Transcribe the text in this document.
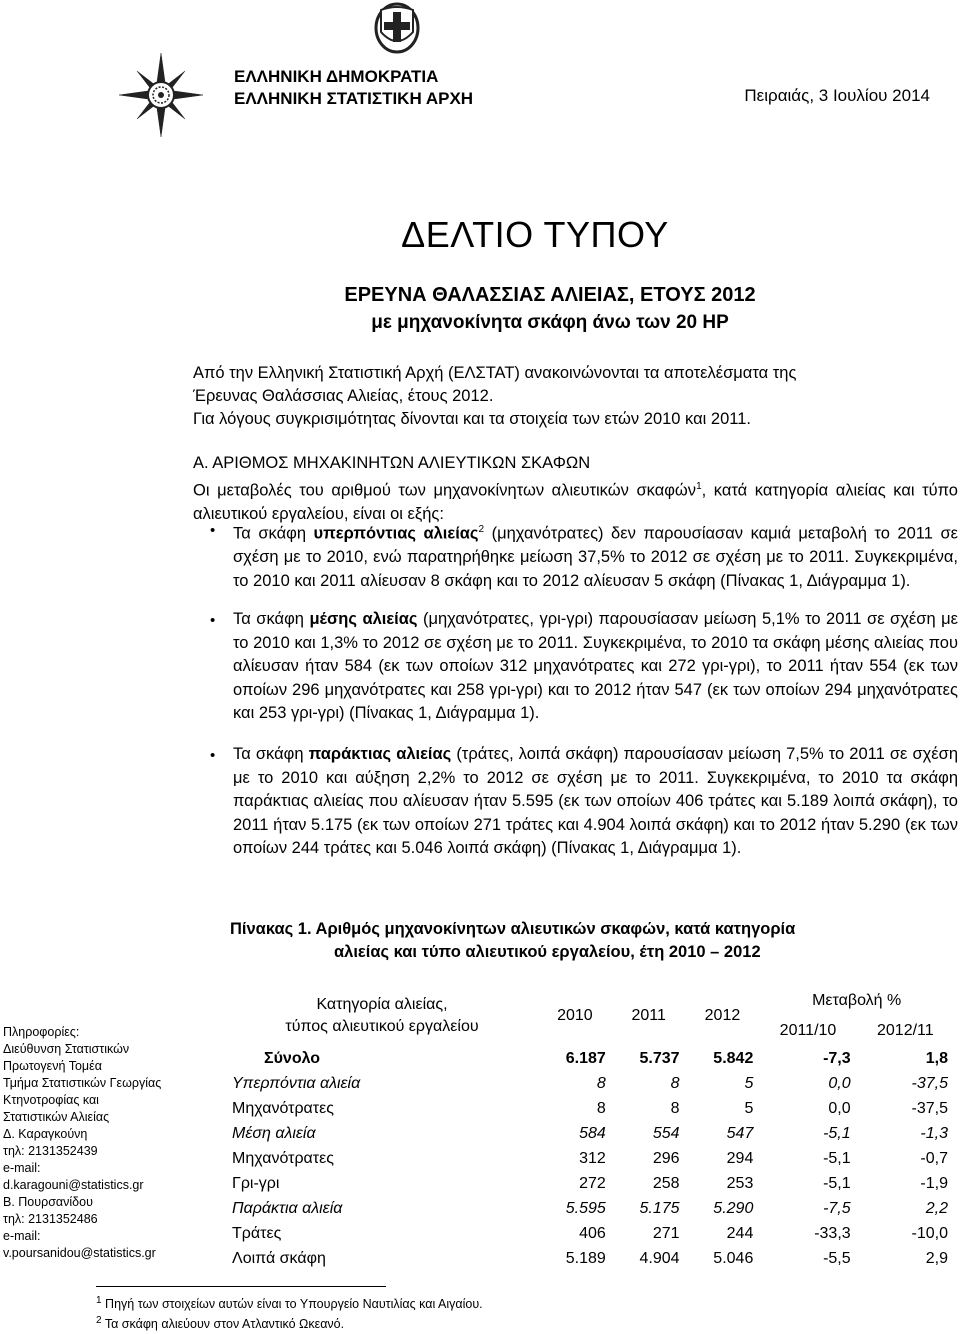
ΕΛΛΗΝΙΚΗ ΔΗΜΟΚΡΑΤΙΑ
ΕΛΛΗΝΙΚΗ ΣΤΑΤΙΣΤΙΚΗ ΑΡΧΗ	Πειραιάς, 3 Ιουλίου 2014
ΔΕΛΤΙΟ ΤΥΠΟΥ
ΕΡΕΥΝΑ ΘΑΛΑΣΣΙΑΣ ΑΛΙΕΙΑΣ, ΕΤΟΥΣ 2012
με μηχανοκίνητα σκάφη άνω των 20 HP
Από την Ελληνική Στατιστική Αρχή (ΕΛΣΤΑΤ) ανακοινώνονται τα αποτελέσματα της
Έρευνας Θαλάσσιας Αλιείας, έτους 2012.
Για λόγους συγκρισιμότητας δίνονται και τα στοιχεία των ετών 2010 και 2011.
Α. ΑΡΙΘΜΟΣ ΜΗΧΑΚΙΝΗΤΩΝ ΑΛΙΕΥΤΙΚΩΝ ΣΚΑΦΩΝ
Οι μεταβολές του αριθμού των μηχανοκίνητων αλιευτικών σκαφών$^1$, κατά κατηγορία αλιείας και τύπο αλιευτικού εργαλείου, είναι οι εξής:
• Τα σκάφη υπερπόντιας αλιείας$^2$ (μηχανότρατες) δεν παρουσίασαν καμιά μεταβολή το 2011 σε σχέση με το 2010, ενώ παρατηρήθηκε μείωση 37,5% το 2012 σε σχέση με το 2011. Συγκεκριμένα, το 2010 και 2011 αλίευσαν 8 σκάφη και το 2012 αλίευσαν 5 σκάφη (Πίνακας 1, Διάγραμμα 1).
• Τα σκάφη μέσης αλιείας (μηχανότρατες, γρι-γρι) παρουσίασαν μείωση 5,1% το 2011 σε σχέση με το 2010 και 1,3% το 2012 σε σχέση με το 2011. Συγκεκριμένα, το 2010 τα σκάφη μέσης αλιείας που αλίευσαν ήταν 584 (εκ των οποίων 312 μηχανότρατες και 272 γρι-γρι), το 2011 ήταν 554 (εκ των οποίων 296 μηχανότρατες και 258 γρι-γρι) και το 2012 ήταν 547 (εκ των οποίων 294 μηχανότρατες και 253 γρι-γρι) (Πίνακας 1, Διάγραμμα 1).
• Τα σκάφη παράκτιας αλιείας (τράτες, λοιπά σκάφη) παρουσίασαν μείωση 7,5% το 2011 σε σχέση με το 2010 και αύξηση 2,2% το 2012 σε σχέση με το 2011. Συγκεκριμένα, το 2010 τα σκάφη παράκτιας αλιείας που αλίευσαν ήταν 5.595 (εκ των οποίων 406 τράτες και 5.189 λοιπά σκάφη), το 2011 ήταν 5.175 (εκ των οποίων 271 τράτες και 4.904 λοιπά σκάφη) και το 2012 ήταν 5.290 (εκ των οποίων 244 τράτες και 5.046 λοιπά σκάφη) (Πίνακας 1, Διάγραμμα 1).
Πίνακας 1. Αριθμός μηχανοκίνητων αλιευτικών σκαφών, κατά κατηγορία
αλιείας και τύπο αλιευτικού εργαλείου, έτη 2010 – 2012
Πληροφορίες:
Διεύθυνση Στατιστικών
Πρωτογενή Τομέα
Τμήμα Στατιστικών Γεωργίας
Κτηνοτροφίας και
Στατιστικών Αλιείας
Δ. Καραγκούνη
τηλ: 2131352439
e-mail:
d.karagouni@statistics.gr
Β. Πουρσανίδου
τηλ: 2131352486
e-mail:
v.poursanidou@statistics.gr
Κατηγορία αλιείας,
τύπος αλιευτικού εργαλείου	2010	2011	2012	Μεταβολή %	
				2011/10	2012/11
Σύνολο	6.187	5.737	5.842	-7,3	1,8
Υπερπόντια αλιεία	8	8	5	0,0	-37,5
Μηχανότρατες	8	8	5	0,0	-37,5
Μέση αλιεία	584	554	547	-5,1	-1,3
Μηχανότρατες	312	296	294	-5,1	-0,7
Γρι-γρι	272	258	253	-5,1	-1,9
Παράκτια αλιεία	5.595	5.175	5.290	-7,5	2,2
Τράτες	406	271	244	-33,3	-10,0
Λοιπά σκάφη	5.189	4.904	5.046	-5,5	2,9
$^1$ Πηγή των στοιχείων αυτών είναι το Υπουργείο Ναυτιλίας και Αιγαίου.
$^2$ Τα σκάφη αλιεύουν στον Ατλαντικό Ωκεανό.
